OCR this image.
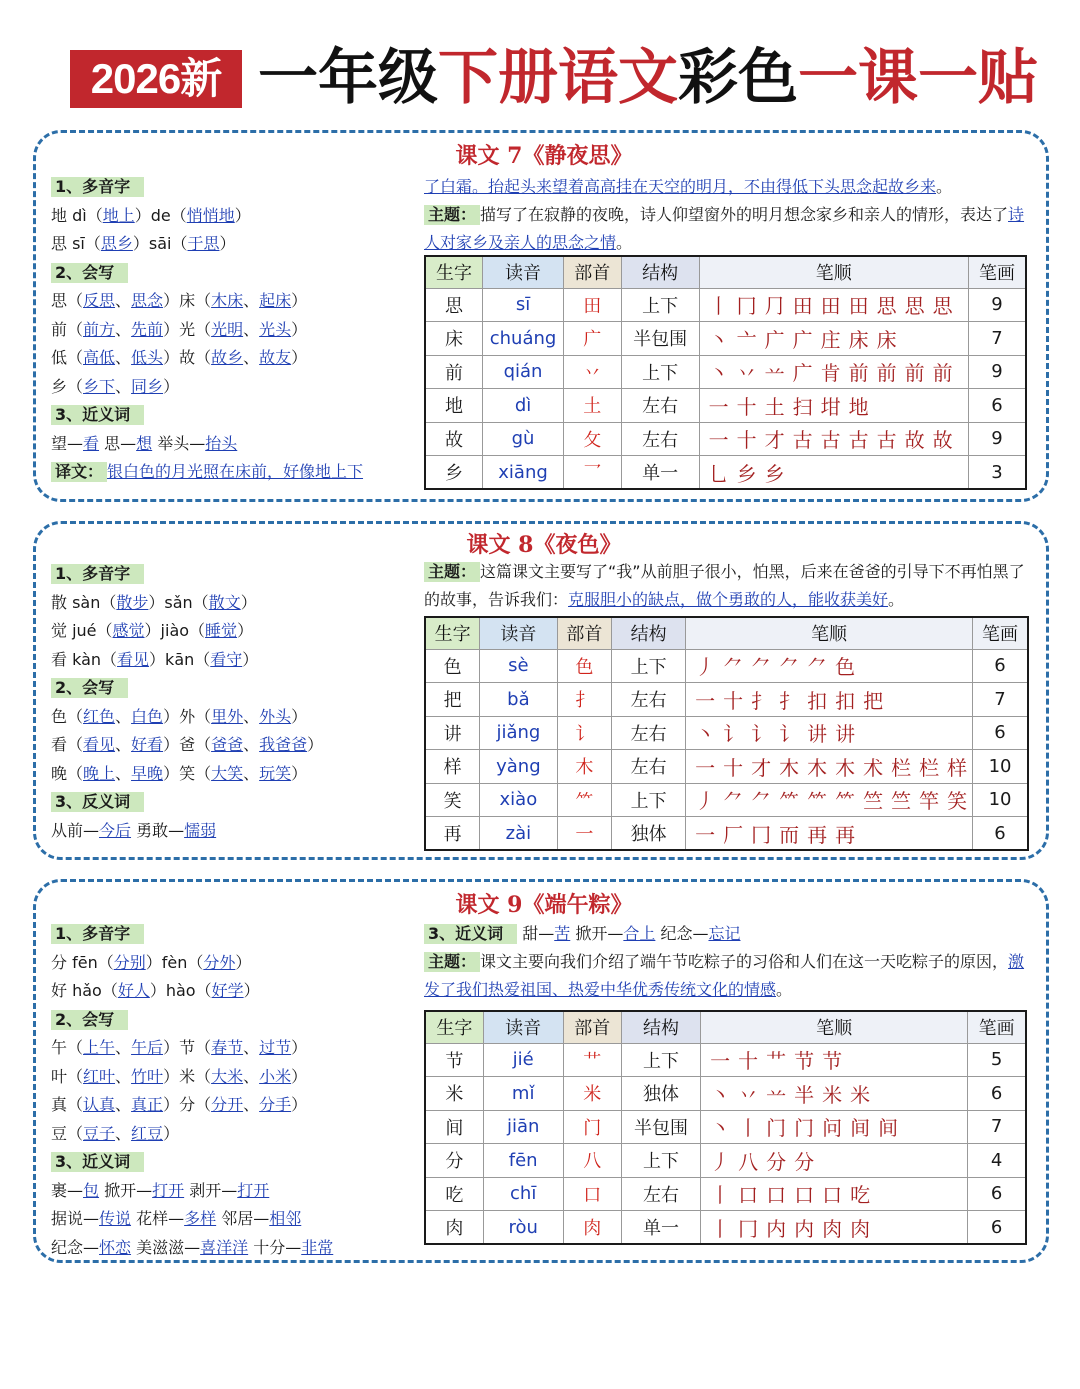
2026新 一年级下册语文彩色一课一贴
课文 7《静夜思》
1、多音字
地 dì（地上）de（悄悄地）
思 sī（思乡）sāi（于思）
2、会写
思（反思、思念）床（木床、起床）
前（前方、先前）光（光明、光头）
低（高低、低头）故（故乡、故友）
乡（乡下、同乡）
3、近义词
望—看 思—想 举头—抬头
译文： 银白色的月光照在床前，好像地上下
了白霜。抬起头来望着高高挂在天空的明月，不由得低下头思念起故乡来。
主题： 描写了在寂静的夜晚，诗人仰望窗外的明月想念家乡和亲人的情形，表达了诗人对家乡及亲人的思念之情。
生字	读音	部首	结构	笔顺	笔画
思	sī	田	上下	丨 冂 ⺆ 田 田 田 思 思 思	9
床	chuáng	广	半包围	丶 亠 广 广 庄 床 床	7
前	qián	丷	上下	丶 丷 䒑 广 肯 前 前 前 前	9
地	dì	土	左右	一 十 土 扫 坩 地	6
故	gù	攵	左右	一 十 才 古 古 古 古 故 故	9
乡	xiāng	乛	单一	乚 乡 乡	3
课文 8《夜色》
1、多音字
散 sàn（散步）sǎn（散文）
觉 jué（感觉）jiào（睡觉）
看 kàn（看见）kān（看守）
2、会写
色（红色、白色）外（里外、外头）
看（看见、好看）爸（爸爸、我爸爸）
晚（晚上、早晚）笑（大笑、玩笑）
3、反义词
从前—今后 勇敢—懦弱
主题： 这篇课文主要写了“我”从前胆子很小，怕黑，后来在爸爸的引导下不再怕黑了的故事，告诉我们：克服胆小的缺点，做个勇敢的人，能收获美好。
生字	读音	部首	结构	笔顺	笔画
色	sè	色	上下	丿 ⺈ ⺈ ⺈ ⺈ 色	6
把	bǎ	扌	左右	一 十 扌 扌 扣 扣 把	7
讲	jiǎng	讠	左右	丶 讠 讠 讠 讲 讲	6
样	yàng	木	左右	一 十 才 木 木 木 术 栏 栏 样	10
笑	xiào	⺮	上下	丿 ⺈ ⺈ ⺮ ⺮ ⺮ 竺 竺 竿 笑	10
再	zài	一	独体	一 厂 冂 而 再 再	6
课文 9《端午粽》
1、多音字
分 fēn（分别）fèn（分外）
好 hǎo（好人）hào（好学）
2、会写
午（上午、午后）节（春节、过节）
叶（红叶、竹叶）米（大米、小米）
真（认真、真正）分（分开、分手）
豆（豆子、红豆）
3、近义词
裹—包 掀开—打开 剥开—打开
据说—传说 花样—多样 邻居—相邻
纪念—怀恋 美滋滋—喜洋洋 十分—非常
3、近义词 甜—苦 掀开—合上 纪念—忘记
主题： 课文主要向我们介绍了端午节吃粽子的习俗和人们在这一天吃粽子的原因，激发了我们热爱祖国、热爱中华优秀传统文化的情感。
生字	读音	部首	结构	笔顺	笔画
节	jié	艹	上下	一 十 艹 节 节	5
米	mǐ	米	独体	丶 丷 䒑 半 米 米	6
间	jiān	门	半包围	丶 丨 门 门 问 间 间	7
分	fēn	八	上下	丿 八 分 分	4
吃	chī	口	左右	丨 口 口 口 口 吃	6
肉	ròu	肉	单一	丨 冂 内 内 肉 肉	6
